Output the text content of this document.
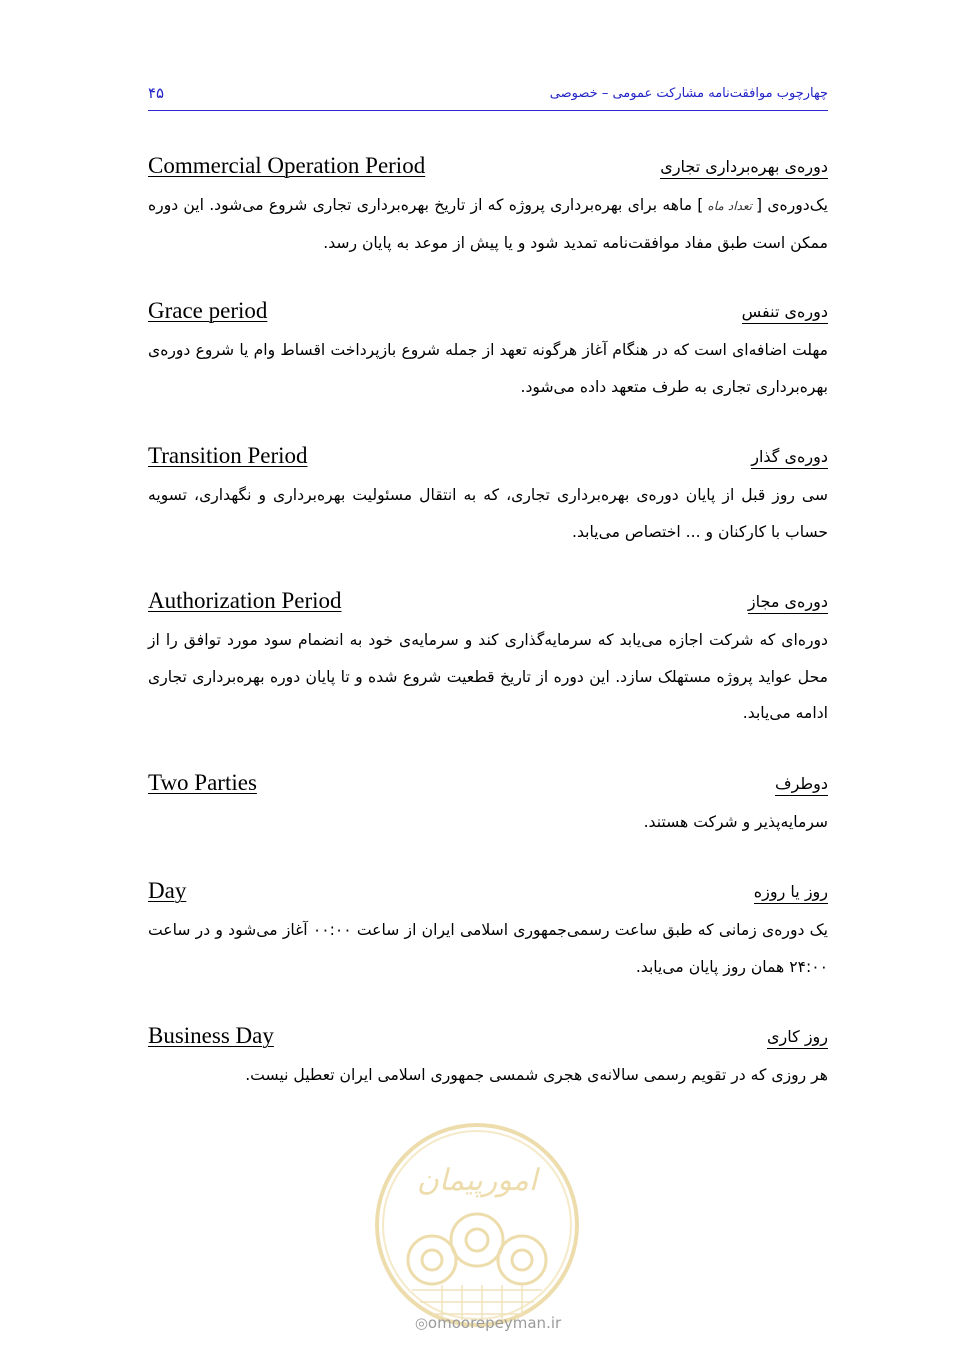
چهارچوب موافقت‌نامه مشارکت عمومی – خصوصی
۴۵
Commercial Operation Period	دوره‌ی بهره‌برداری تجاری

یک‌دوره‌ی [تعداد ماه] ماهه برای بهره‌برداری پروژه که از تاریخ بهره‌برداری تجاری شروع می‌شود. این دوره ممکن است طبق مفاد موافقت‌نامه تمدید شود و یا پیش از موعد به پایان رسد.

Grace period	دوره‌ی تنفس

مهلت اضافه‌ای است که در هنگام آغاز هرگونه تعهد از جمله شروع بازپرداخت اقساط وام یا شروع دوره‌ی بهره‌برداری تجاری به طرف متعهد داده می‌شود.

Transition Period	دوره‌ی گذار

سی روز قبل از پایان دوره‌ی بهره‌برداری تجاری، که به انتقال مسئولیت بهره‌برداری و نگهداری، تسویه حساب با کارکنان و ... اختصاص می‌یابد.

Authorization Period	دوره‌ی مجاز

دوره‌ای که شرکت اجازه می‌یابد که سرمایه‌گذاری کند و سرمایه‌ی خود به انضمام سود مورد توافق را از محل عواید پروژه مستهلک سازد. این دوره از تاریخ قطعیت شروع شده و تا پایان دوره بهره‌برداری تجاری ادامه می‌یابد.

Two Parties	دوطرف

سرمایه‌پذیر و شرکت هستند.

Day	روز یا روزه

یک دوره‌ی زمانی که طبق ساعت رسمی‌جمهوری اسلامی ایران از ساعت ۰۰:۰۰ آغاز می‌شود و در ساعت ۲۴:۰۰ همان روز پایان می‌یابد.

Business Day	روز کاری

هر روزی که در تقویم رسمی سالانه‌ی هجری شمسی جمهوری اسلامی ایران تعطیل نیست.

امورپیمان
◎omoorepeyman.ir
